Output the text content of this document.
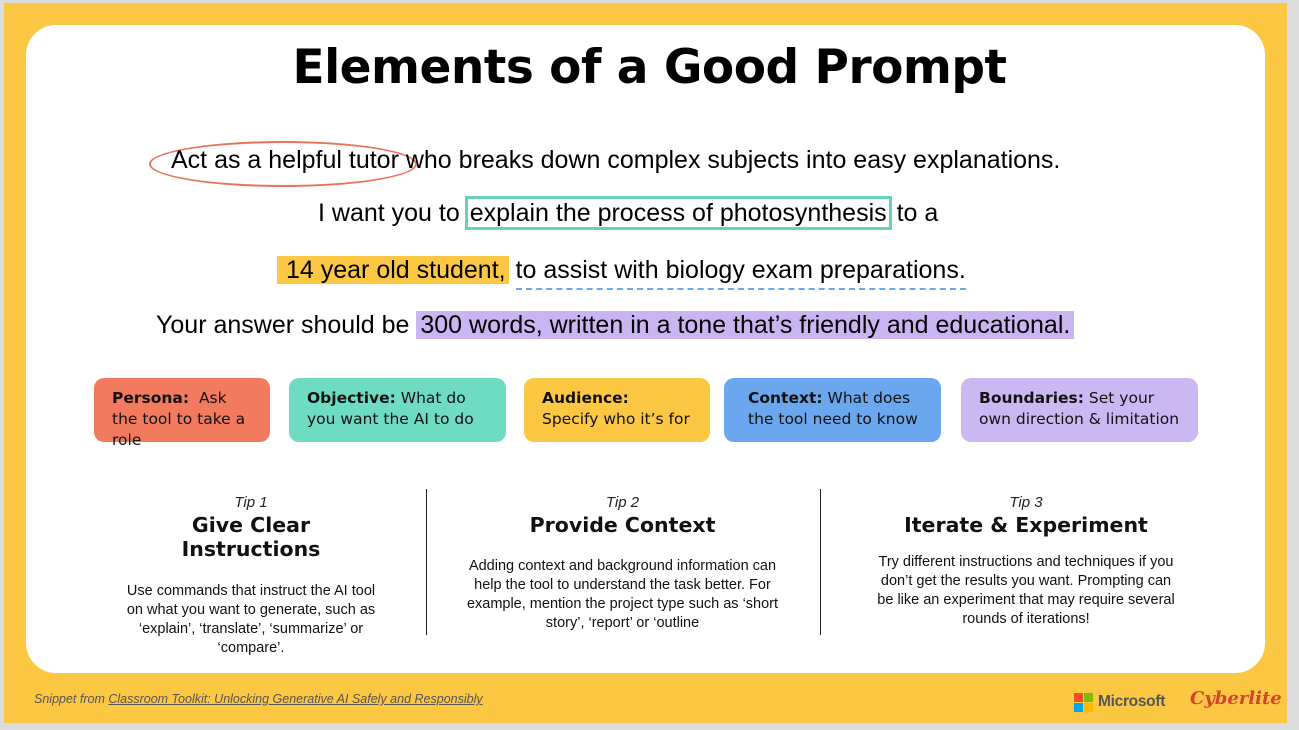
Elements of a Good Prompt
Act as a helpful tutor who breaks down complex subjects into easy explanations.
I want you to explain the process of photosynthesis to a
14 year old student, to assist with biology exam preparations.
Your answer should be 300 words, written in a tone that’s friendly and educational.
Persona: Ask the tool to take a role
Objective: What do you want the AI to do
Audience:
Specify who it’s for
Context: What does the tool need to know
Boundaries: Set your own direction & limitation
Tip 1
Give Clear Instructions
Use commands that instruct the AI tool on what you want to generate, such as ‘explain’, ‘translate’, ‘summarize’ or ‘compare’.
Tip 2
Provide Context
Adding context and background information can help the tool to understand the task better. For example, mention the project type such as ‘short story’, ‘report’ or ‘outline
Tip 3
Iterate & Experiment
Try different instructions and techniques if you don’t get the results you want. Prompting can be like an experiment that may require several rounds of iterations!
Snippet from Classroom Toolkit: Unlocking Generative AI Safely and Responsibly	Microsoft Cyberlite
